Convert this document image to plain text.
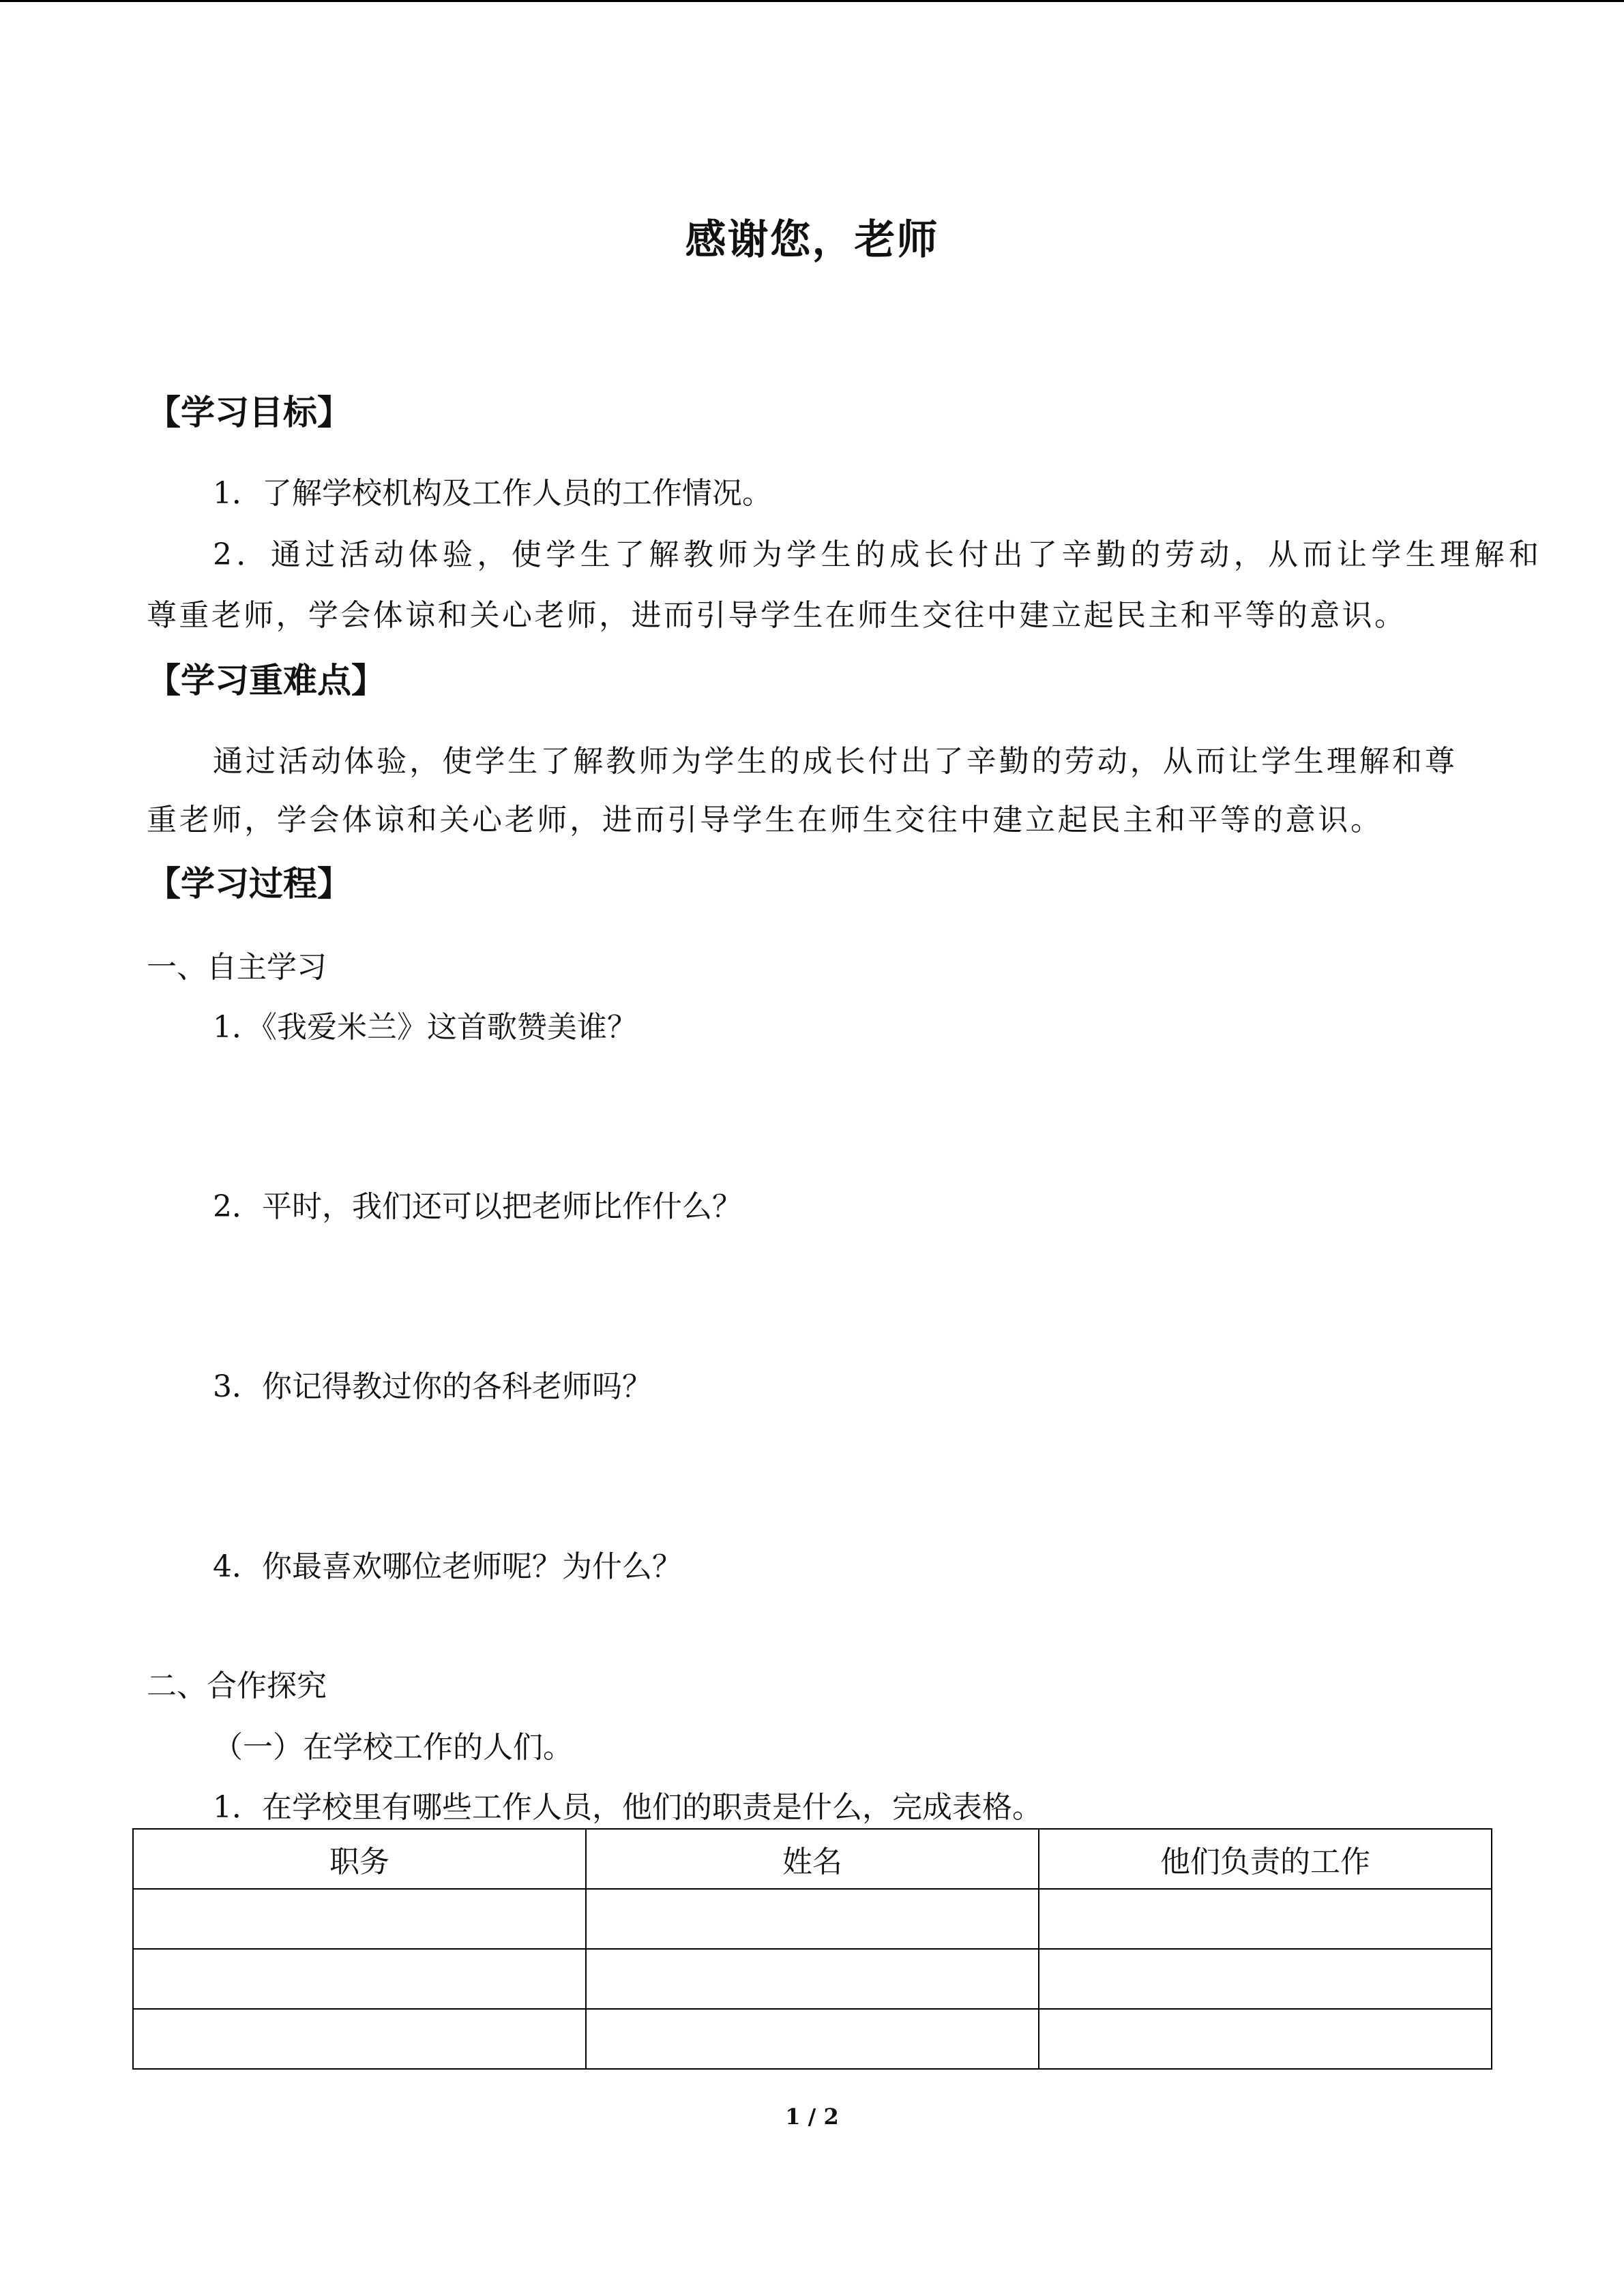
感谢您，老师
【学习目标】
1．了解学校机构及工作人员的工作情况。
2．通过活动体验，使学生了解教师为学生的成长付出了辛勤的劳动，从而让学生理解和
尊重老师，学会体谅和关心老师，进而引导学生在师生交往中建立起民主和平等的意识。
【学习重难点】
通过活动体验，使学生了解教师为学生的成长付出了辛勤的劳动，从而让学生理解和尊
重老师，学会体谅和关心老师，进而引导学生在师生交往中建立起民主和平等的意识。
【学习过程】
一、自主学习
1．《我爱米兰》这首歌赞美谁？
2．平时，我们还可以把老师比作什么？
3．你记得教过你的各科老师吗？
4．你最喜欢哪位老师呢？为什么？
二、合作探究
（一）在学校工作的人们。
1．在学校里有哪些工作人员，他们的职责是什么，完成表格。
职务	姓名	他们负责的工作

1 / 2
